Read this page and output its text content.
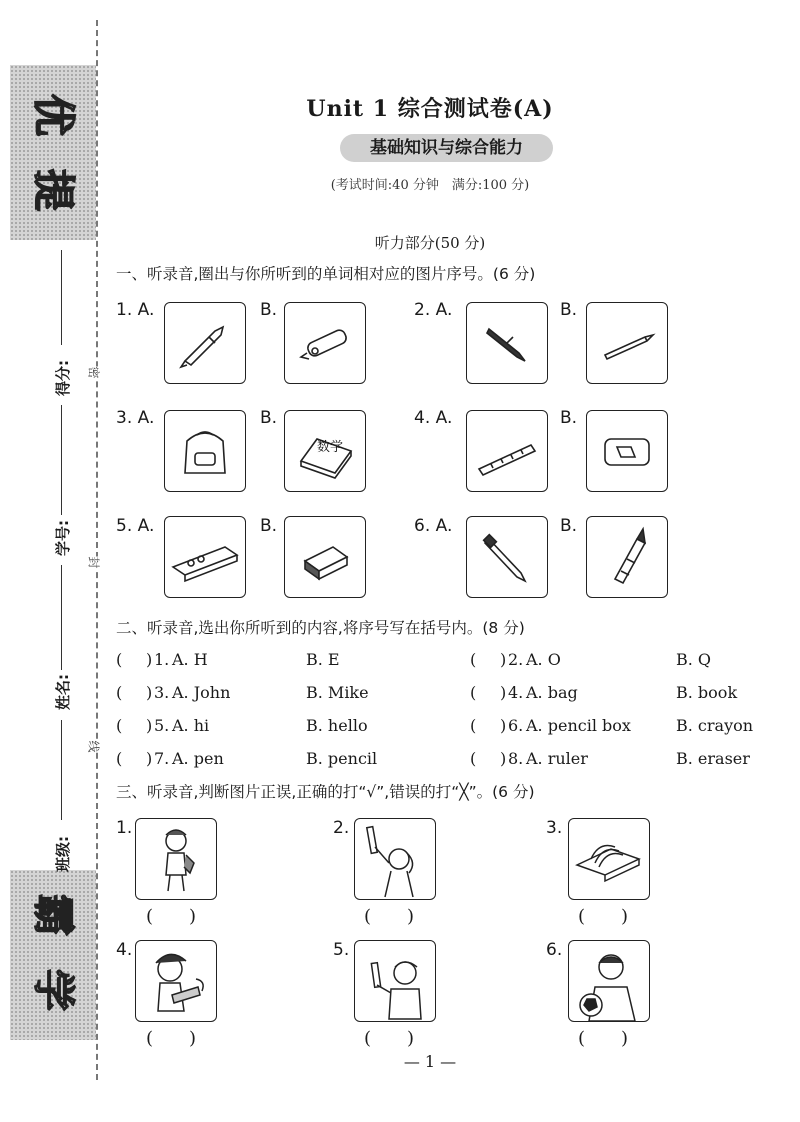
优
提
霸
学
得分:
学号:
姓名:
班级:
密
封
线
Unit 1 综合测试卷(A)
基础知识与综合能力
(考试时间:40 分钟　满分:100 分)
听力部分(50 分)
一、听录音,圈出与你所听到的单词相对应的图片序号。(6 分)
1. A.	B.	2. A.	B.
3. A.	B.
数学
4. A.	B.
5. A.	B.	6. A.	B.
二、听录音,选出你所听到的内容,将序号写在括号内。(8 分)
( ) 1. A. H	B. E	( ) 2. A. O	B. Q
( ) 3. A. John	B. Mike	( ) 4. A. bag	B. book
( ) 5. A. hi	B. hello	( ) 6. A. pencil box	B. crayon
( ) 7. A. pen	B. pencil	( ) 8. A. ruler	B. eraser
三、听录音,判断图片正误,正确的打“√”,错误的打“╳”。(6 分)
1.
(　　)
2.
(　　)
3.
(　　)
4.
(　　)
5.
(　　)
6.
(　　)
— 1 —
